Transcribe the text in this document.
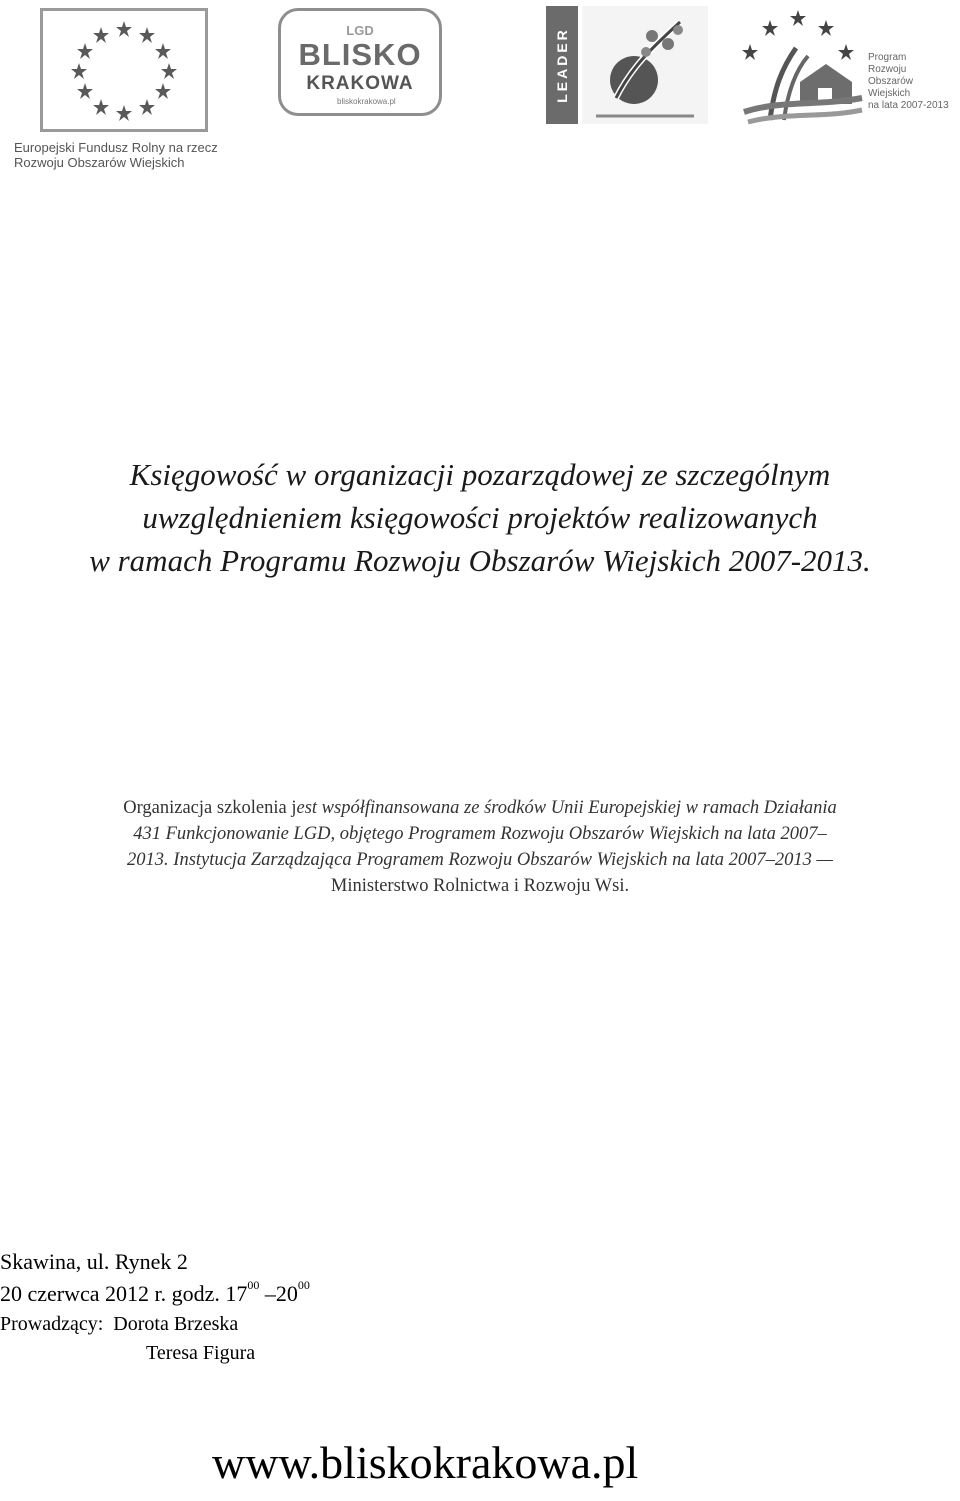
Europejski Fundusz Rolny na rzecz
Rozwoju Obszarów Wiejskich
LGD
BLISKO
KRAKOWA
bliskokrakowa.pl	LEADER	Program
Rozwoju
Obszarów
Wiejskich
na lata 2007-2013
Księgowość w organizacji pozarządowej ze szczególnym
uwzględnieniem księgowości projektów realizowanych
w ramach Programu Rozwoju Obszarów Wiejskich 2007-2013.
Organizacja szkolenia jest współfinansowana ze środków Unii Europejskiej w ramach Działania
431 Funkcjonowanie LGD, objętego Programem Rozwoju Obszarów Wiejskich na lata 2007–
2013. Instytucja Zarządzająca Programem Rozwoju Obszarów Wiejskich na lata 2007–2013 —
Ministerstwo Rolnictwa i Rozwoju Wsi.
Skawina, ul. Rynek 2
20 czerwca 2012 r. godz. $17^{00}$ $-20^{00}$
Prowadzący: Dorota Brzeska
Teresa Figura
www.bliskokrakowa.pl
